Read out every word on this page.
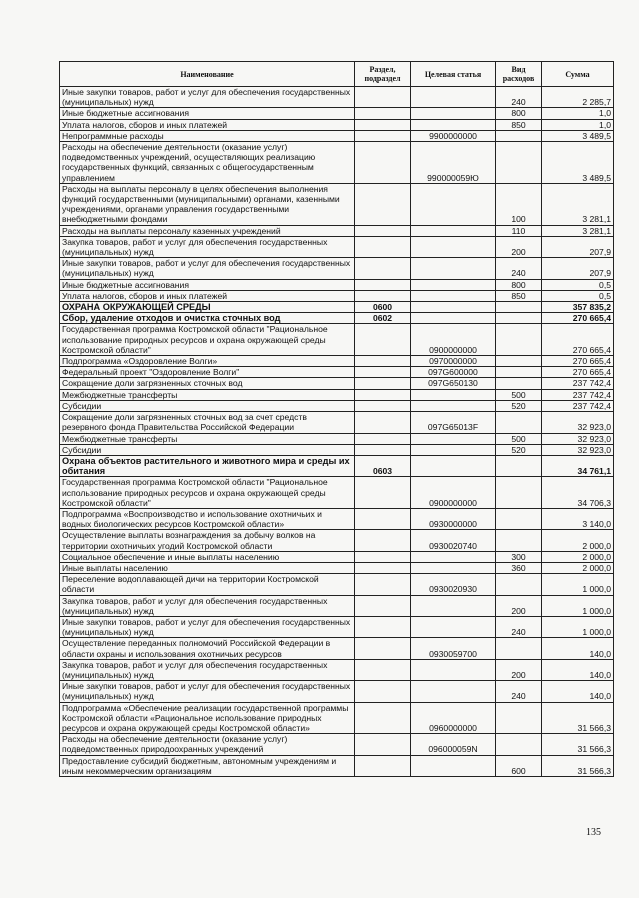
Наименование	Раздел, подраздел	Целевая статья	Вид расходов	Сумма
Иные закупки товаров, работ и услуг для обеспечения государственных (муниципальных) нужд			240	2 285,7
Иные бюджетные ассигнования			800	1,0
Уплата налогов, сборов и иных платежей			850	1,0
Непрограммные расходы		9900000000		3 489,5
Расходы на обеспечение деятельности (оказание услуг) подведомственных учреждений, осуществляющих реализацию государственных функций, связанных с общегосударственным управлением		990000059Ю		3 489,5
Расходы на выплаты персоналу в целях обеспечения выполнения функций государственными (муниципальными) органами, казенными учреждениями, органами управления государственными внебюджетными фондами			100	3 281,1
Расходы на выплаты персоналу казенных учреждений			110	3 281,1
Закупка товаров, работ и услуг для обеспечения государственных (муниципальных) нужд			200	207,9
Иные закупки товаров, работ и услуг для обеспечения государственных (муниципальных) нужд			240	207,9
Иные бюджетные ассигнования			800	0,5
Уплата налогов, сборов и иных платежей			850	0,5
ОХРАНА ОКРУЖАЮЩЕЙ СРЕДЫ	0600			357 835,2
Сбор, удаление отходов и очистка сточных вод	0602			270 665,4
Государственная программа Костромской области "Рациональное использование природных ресурсов и охрана окружающей среды Костромской области"		0900000000		270 665,4
Подпрограмма «Оздоровление Волги»		0970000000		270 665,4
Федеральный проект "Оздоровление Волги"		097G600000		270 665,4
Сокращение доли загрязненных сточных вод		097G650130		237 742,4
Межбюджетные трансферты			500	237 742,4
Субсидии			520	237 742,4
Сокращение доли загрязненных сточных вод за счет средств резервного фонда Правительства Российской Федерации		097G65013F		32 923,0
Межбюджетные трансферты			500	32 923,0
Субсидии			520	32 923,0
Охрана объектов растительного и животного мира и среды их обитания	0603			34 761,1
Государственная программа Костромской области "Рациональное использование природных ресурсов и охрана окружающей среды Костромской области"		0900000000		34 706,3
Подпрограмма «Воспроизводство и использование охотничьих и водных биологических ресурсов Костромской области»		0930000000		3 140,0
Осуществление выплаты вознаграждения за добычу волков на территории охотничьих угодий Костромской области		0930020740		2 000,0
Социальное обеспечение и иные выплаты населению			300	2 000,0
Иные выплаты населению			360	2 000,0
Переселение водоплавающей дичи на территории Костромской области		0930020930		1 000,0
Закупка товаров, работ и услуг для обеспечения государственных (муниципальных) нужд			200	1 000,0
Иные закупки товаров, работ и услуг для обеспечения государственных (муниципальных) нужд			240	1 000,0
Осуществление переданных полномочий Российской Федерации в области охраны и использования охотничьих ресурсов		0930059700		140,0
Закупка товаров, работ и услуг для обеспечения государственных (муниципальных) нужд			200	140,0
Иные закупки товаров, работ и услуг для обеспечения государственных (муниципальных) нужд			240	140,0
Подпрограмма «Обеспечение реализации государственной программы Костромской области «Рациональное использование природных ресурсов и охрана окружающей среды Костромской области»		0960000000		31 566,3
Расходы на обеспечение деятельности (оказание услуг) подведомственных природоохранных учреждений		096000059N		31 566,3
Предоставление субсидий бюджетным, автономным учреждениям и иным некоммерческим организациям			600	31 566,3
135
